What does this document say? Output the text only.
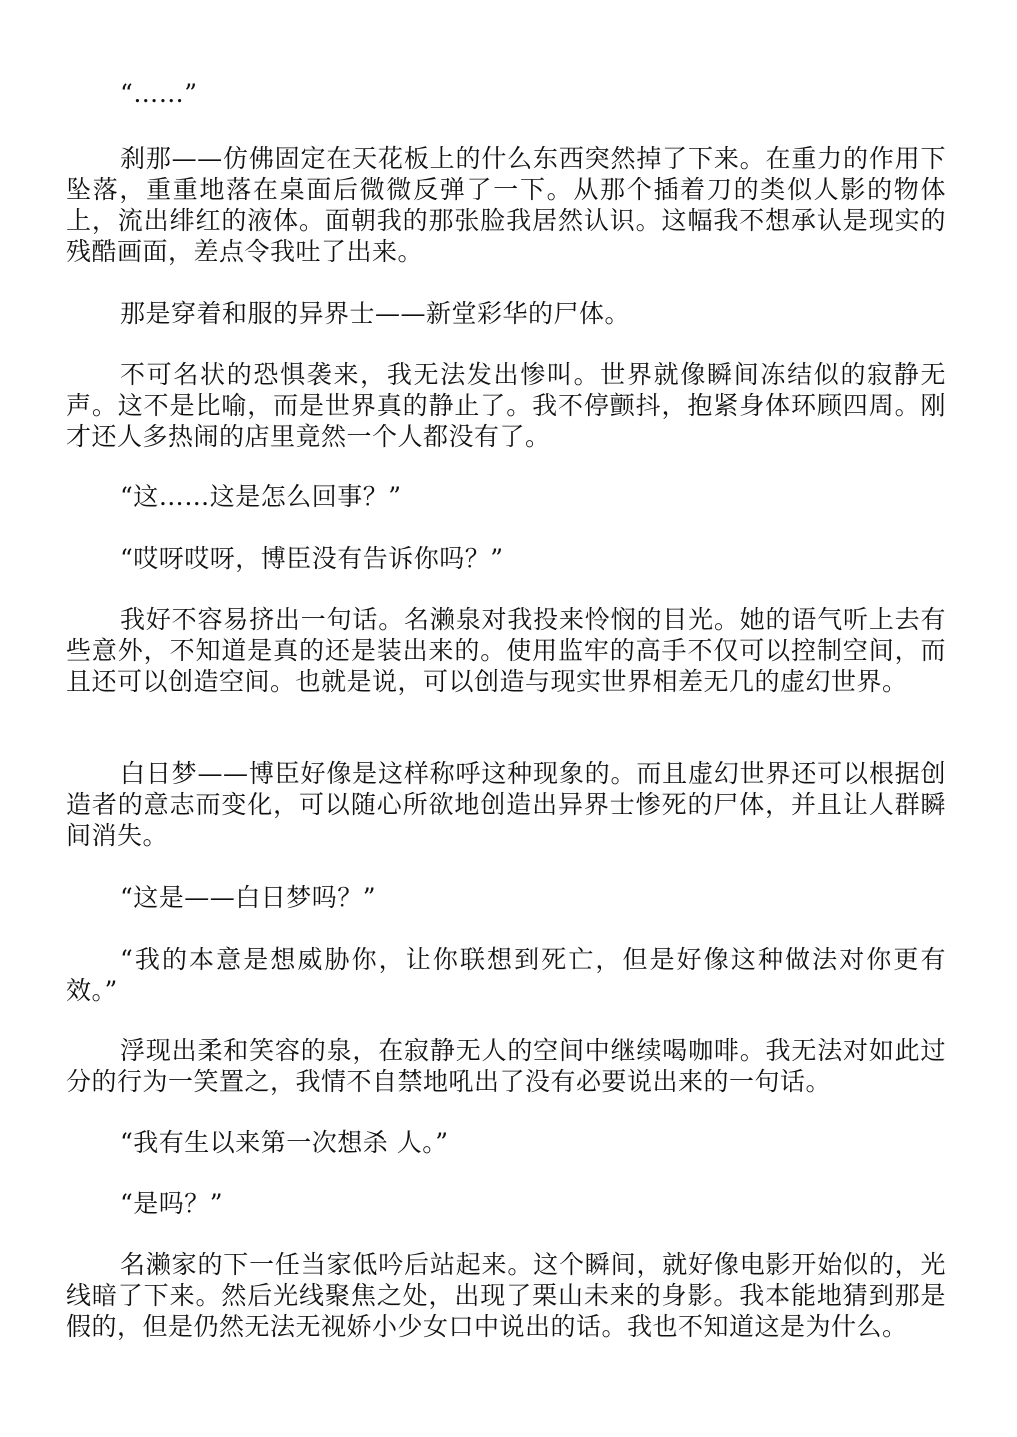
“……”

刹那——仿佛固定在天花板上的什么东西突然掉了下来。在重力的作用下坠落，重重地落在桌面后微微反弹了一下。从那个插着刀的类似人影的物体上，流出绯红的液体。面朝我的那张脸我居然认识。这幅我不想承认是现实的残酷画面，差点令我吐了出来。

那是穿着和服的异界士——新堂彩华的尸体。

不可名状的恐惧袭来，我无法发出惨叫。世界就像瞬间冻结似的寂静无声。这不是比喻，而是世界真的静止了。我不停颤抖，抱紧身体环顾四周。刚才还人多热闹的店里竟然一个人都没有了。

“这……这是怎么回事？”

“哎呀哎呀，博臣没有告诉你吗？”

我好不容易挤出一句话。名濑泉对我投来怜悯的目光。她的语气听上去有些意外，不知道是真的还是装出来的。使用监牢的高手不仅可以控制空间，而且还可以创造空间。也就是说，可以创造与现实世界相差无几的虚幻世界。

白日梦——博臣好像是这样称呼这种现象的。而且虚幻世界还可以根据创造者的意志而变化，可以随心所欲地创造出异界士惨死的尸体，并且让人群瞬间消失。

“这是——白日梦吗？”

“我的本意是想威胁你，让你联想到死亡，但是好像这种做法对你更有效。”

浮现出柔和笑容的泉，在寂静无人的空间中继续喝咖啡。我无法对如此过分的行为一笑置之，我情不自禁地吼出了没有必要说出来的一句话。

“我有生以来第一次想杀 人。”

“是吗？”

名濑家的下一任当家低吟后站起来。这个瞬间，就好像电影开始似的，光线暗了下来。然后光线聚焦之处，出现了栗山未来的身影。我本能地猜到那是假的，但是仍然无法无视娇小少女口中说出的话。我也不知道这是为什么。
